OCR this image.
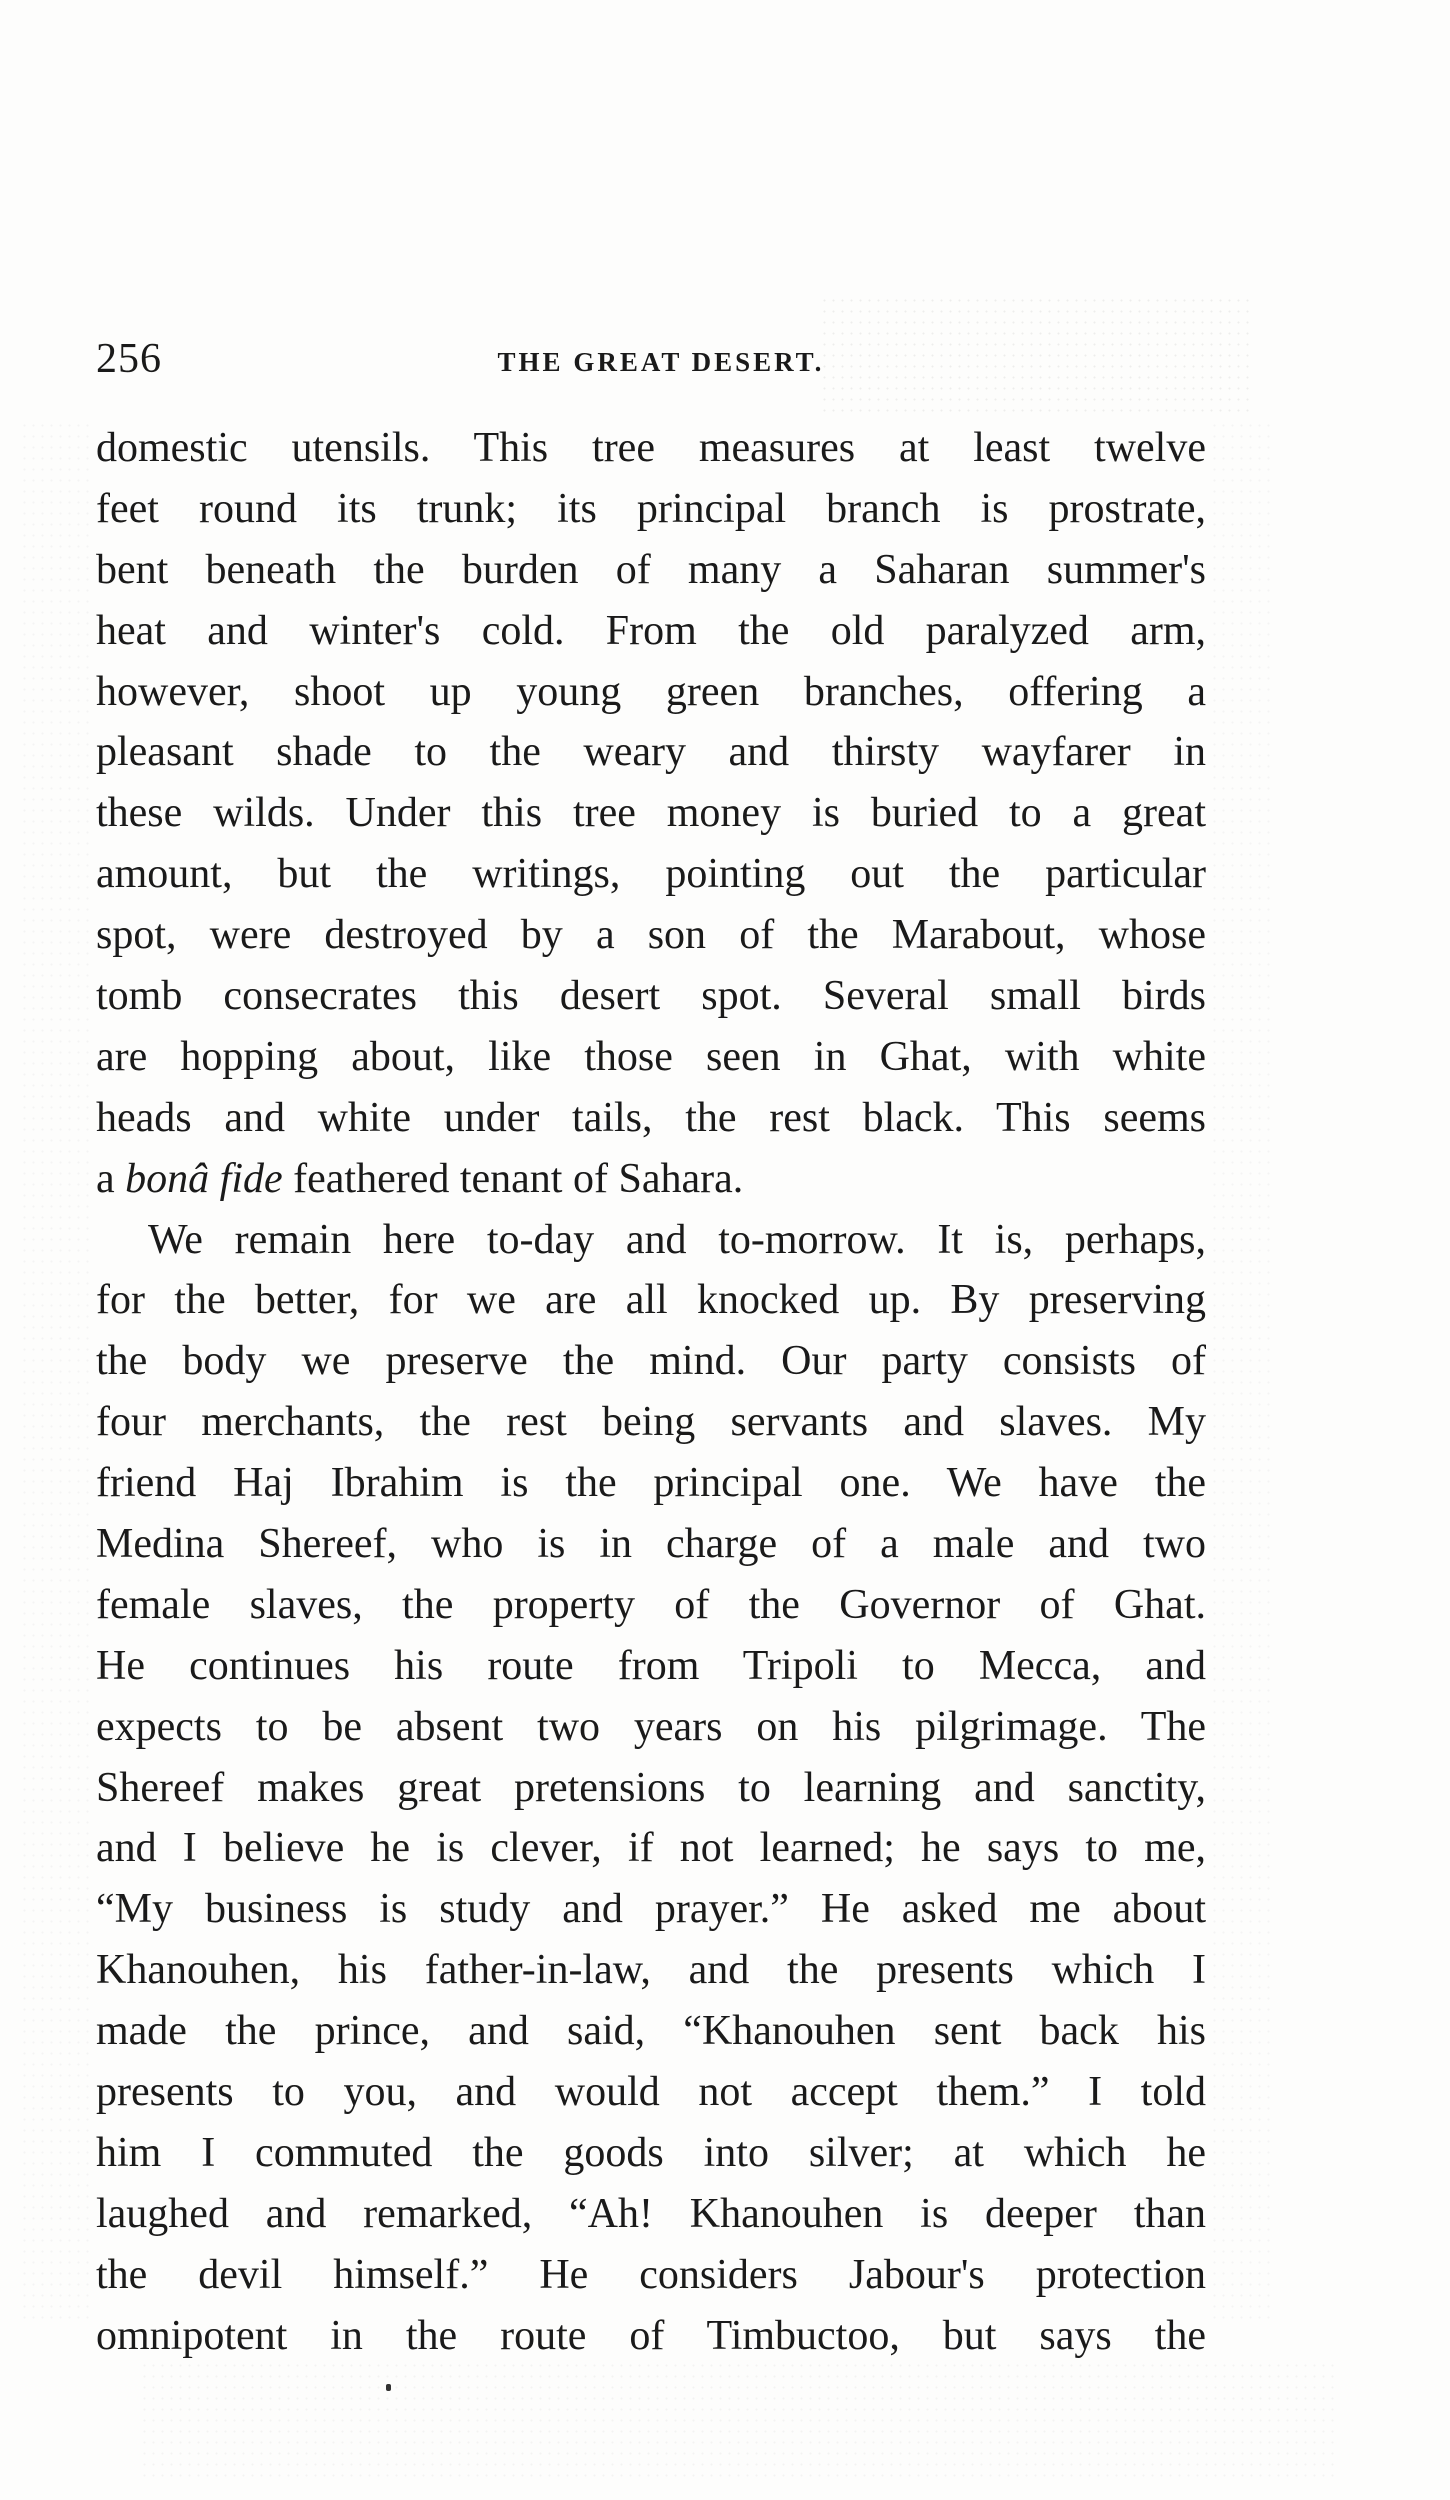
256	THE GREAT DESERT.
domestic utensils. This tree measures at least twelve
feet round its trunk; its principal branch is prostrate,
bent beneath the burden of many a Saharan summer's
heat and winter's cold. From the old paralyzed arm,
however, shoot up young green branches, offering a
pleasant shade to the weary and thirsty wayfarer in
these wilds. Under this tree money is buried to a great
amount, but the writings, pointing out the particular
spot, were destroyed by a son of the Marabout, whose
tomb consecrates this desert spot. Several small birds
are hopping about, like those seen in Ghat, with white
heads and white under tails, the rest black. This seems
a bonâ fide feathered tenant of Sahara.
We remain here to-day and to-morrow. It is, perhaps,
for the better, for we are all knocked up. By preserving
the body we preserve the mind. Our party consists of
four merchants, the rest being servants and slaves. My
friend Haj Ibrahim is the principal one. We have the
Medina Shereef, who is in charge of a male and two
female slaves, the property of the Governor of Ghat.
He continues his route from Tripoli to Mecca, and
expects to be absent two years on his pilgrimage. The
Shereef makes great pretensions to learning and sanctity,
and I believe he is clever, if not learned; he says to me,
“My business is study and prayer.” He asked me about
Khanouhen, his father-in-law, and the presents which I
made the prince, and said, “Khanouhen sent back his
presents to you, and would not accept them.” I told
him I commuted the goods into silver; at which he
laughed and remarked, “Ah! Khanouhen is deeper than
the devil himself.” He considers Jabour's protection
omnipotent in the route of Timbuctoo, but says the
